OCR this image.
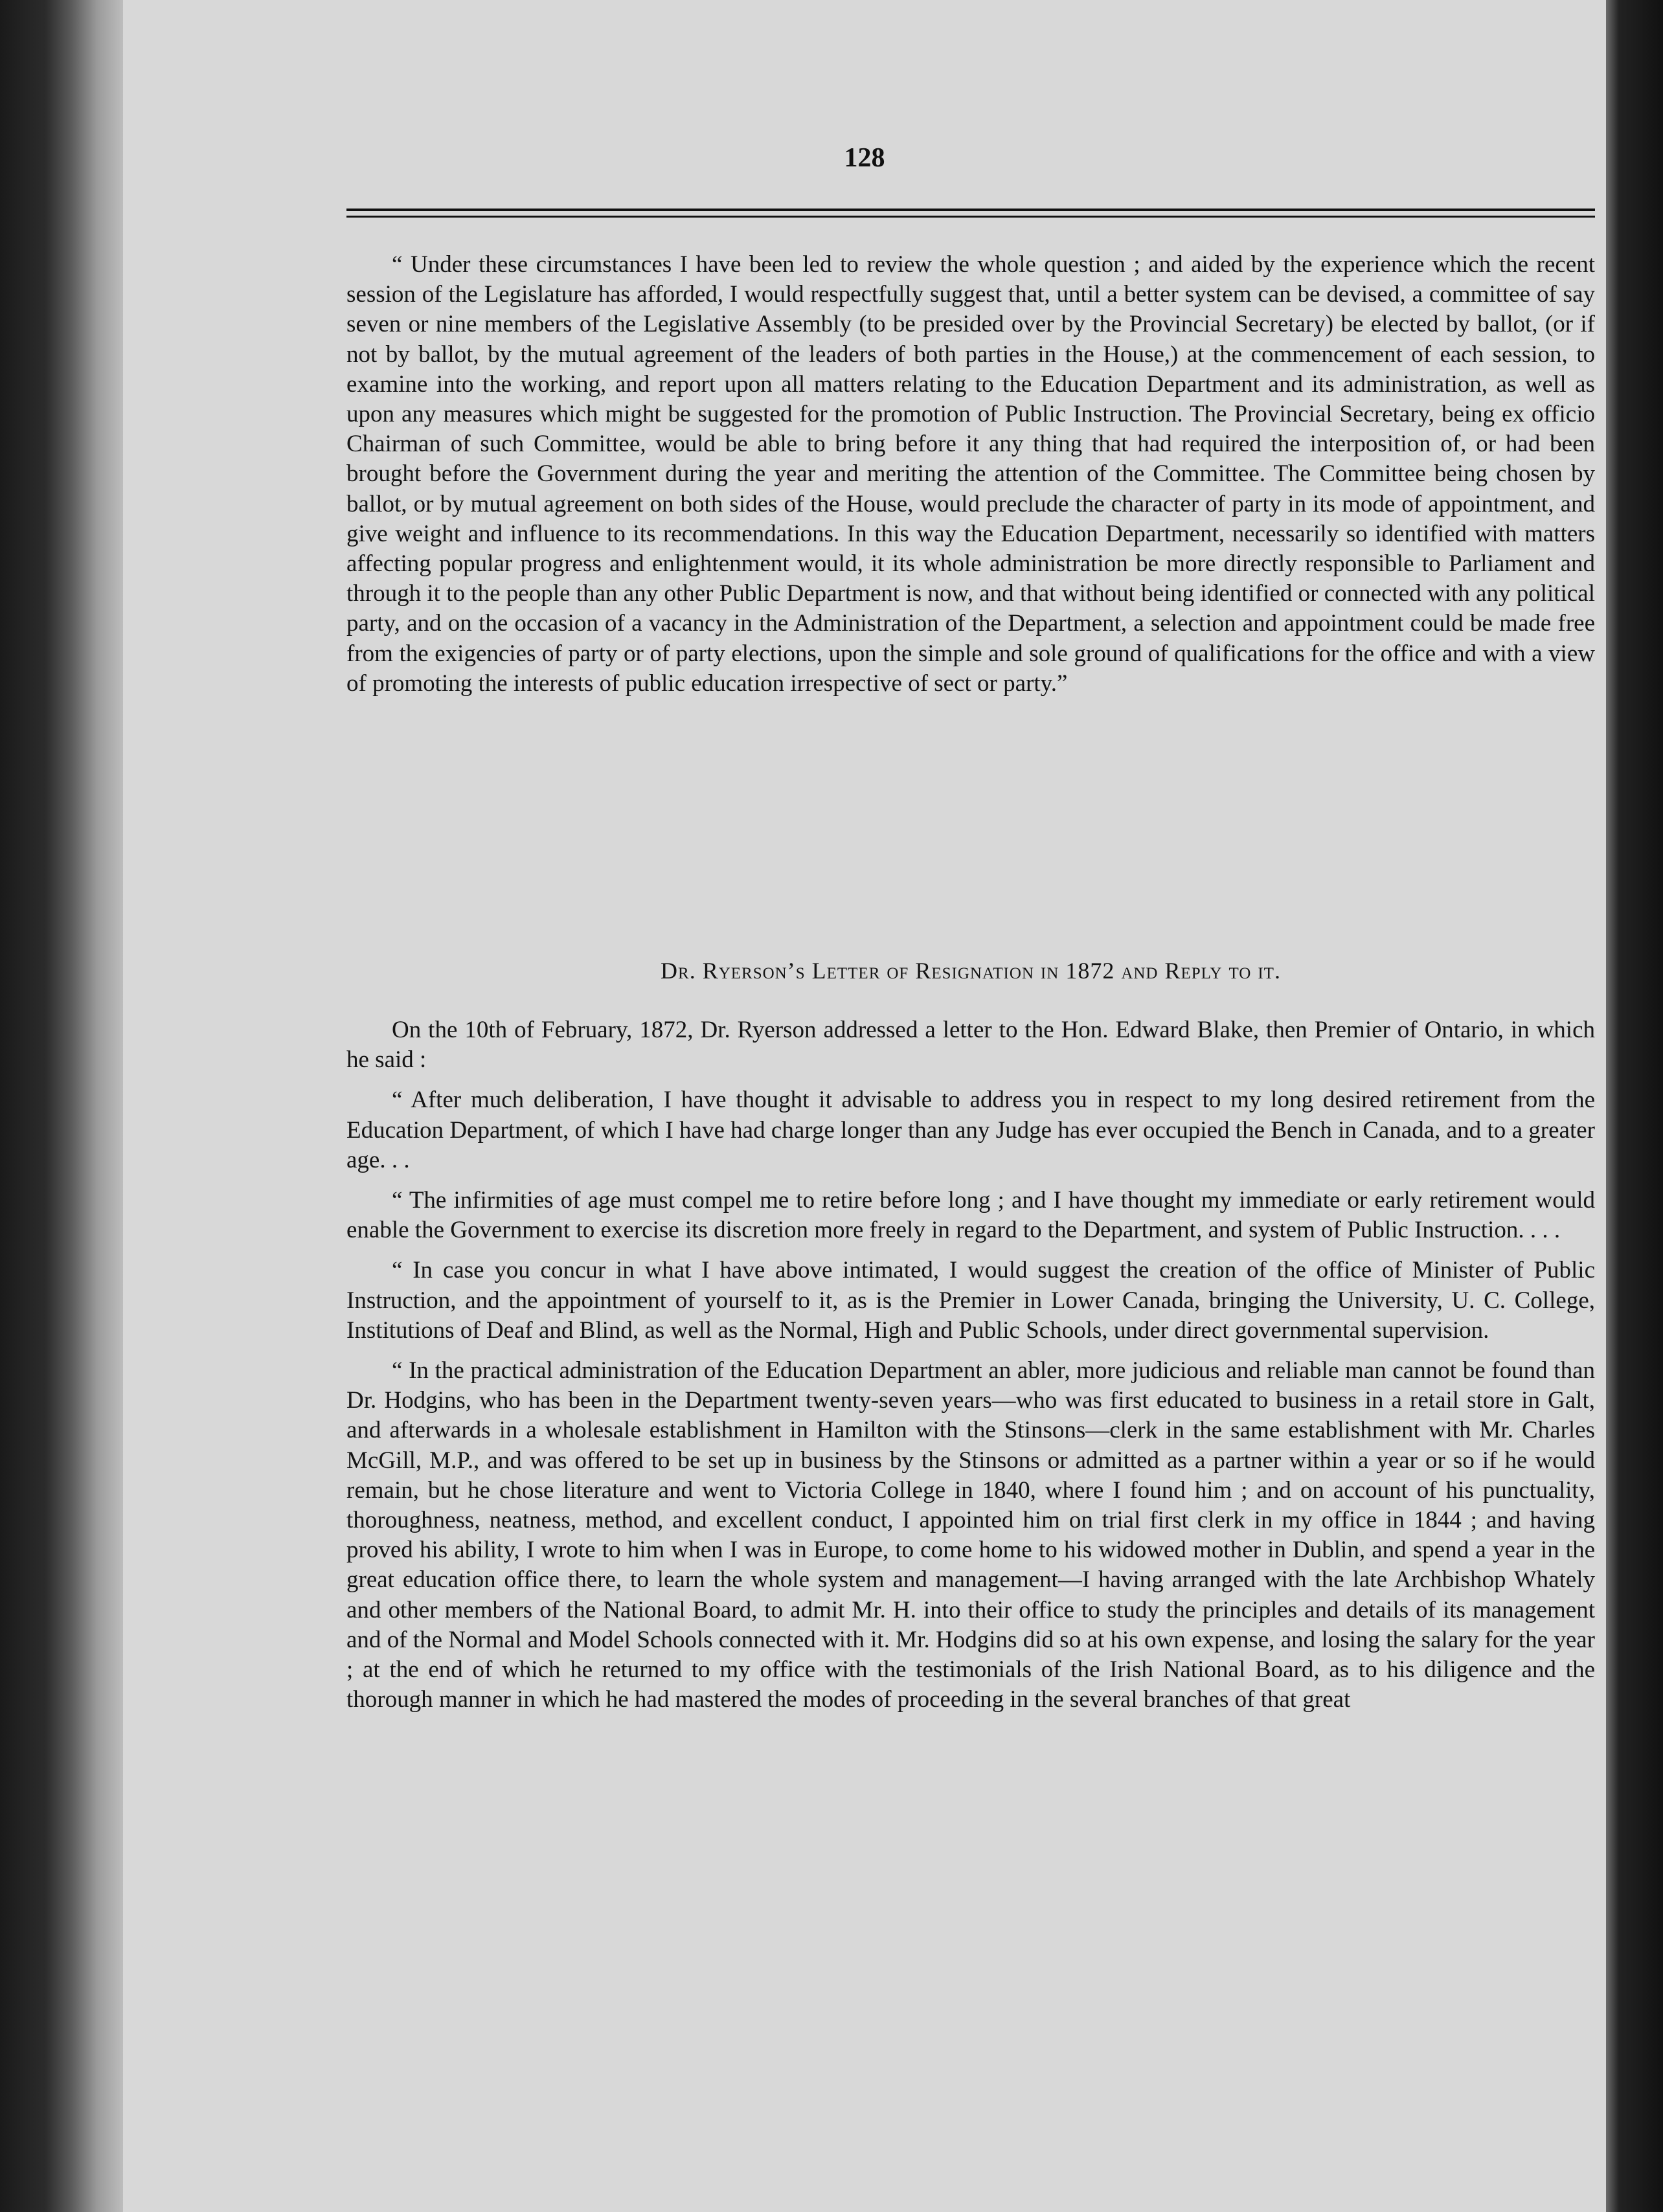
128

“ Under these circumstances I have been led to review the whole question ; and aided by the experience which the recent session of the Legislature has afforded, I would respectfully suggest that, until a better system can be devised, a committee of say seven or nine members of the Legislative Assembly (to be presided over by the Provincial Secretary) be elected by ballot, (or if not by ballot, by the mutual agreement of the leaders of both parties in the House,) at the commencement of each session, to examine into the working, and report upon all matters relating to the Education Department and its administration, as well as upon any measures which might be suggested for the promotion of Public Instruction. The Provincial Secretary, being ex officio Chairman of such Committee, would be able to bring before it any thing that had required the interposition of, or had been brought before the Government during the year and meriting the attention of the Committee. The Committee being chosen by ballot, or by mutual agreement on both sides of the House, would preclude the character of party in its mode of appointment, and give weight and influence to its recommendations. In this way the Education Department, necessarily so identified with matters affecting popular progress and enlightenment would, it its whole administration be more directly responsible to Parliament and through it to the people than any other Public Department is now, and that without being identified or connected with any political party, and on the occasion of a vacancy in the Administration of the Department, a selection and appointment could be made free from the exigencies of party or of party elections, upon the simple and sole ground of qualifications for the office and with a view of promoting the interests of public education irrespective of sect or party.”

Dr. Ryerson’s Letter of Resignation in 1872 and Reply to it.

On the 10th of February, 1872, Dr. Ryerson addressed a letter to the Hon. Edward Blake, then Premier of Ontario, in which he said :

“ After much deliberation, I have thought it advisable to address you in respect to my long desired retirement from the Education Department, of which I have had charge longer than any Judge has ever occupied the Bench in Canada, and to a greater age. . .

“ The infirmities of age must compel me to retire before long ; and I have thought my immediate or early retirement would enable the Government to exercise its discretion more freely in regard to the Department, and system of Public Instruction. . . .

“ In case you concur in what I have above intimated, I would suggest the creation of the office of Minister of Public Instruction, and the appointment of yourself to it, as is the Premier in Lower Canada, bringing the University, U. C. College, Institutions of Deaf and Blind, as well as the Normal, High and Public Schools, under direct governmental supervision.

“ In the practical administration of the Education Department an abler, more judicious and reliable man cannot be found than Dr. Hodgins, who has been in the Department twenty-seven years—who was first educated to business in a retail store in Galt, and afterwards in a wholesale establishment in Hamilton with the Stinsons—clerk in the same establishment with Mr. Charles McGill, M.P., and was offered to be set up in business by the Stinsons or admitted as a partner within a year or so if he would remain, but he chose literature and went to Victoria College in 1840, where I found him ; and on account of his punctuality, thoroughness, neatness, method, and excellent conduct, I appointed him on trial first clerk in my office in 1844 ; and having proved his ability, I wrote to him when I was in Europe, to come home to his widowed mother in Dublin, and spend a year in the great education office there, to learn the whole system and management—I having arranged with the late Archbishop Whately and other members of the National Board, to admit Mr. H. into their office to study the principles and details of its management and of the Normal and Model Schools connected with it. Mr. Hodgins did so at his own expense, and losing the salary for the year ; at the end of which he returned to my office with the testimonials of the Irish National Board, as to his diligence and the thorough manner in which he had mastered the modes of proceeding in the several branches of that great
